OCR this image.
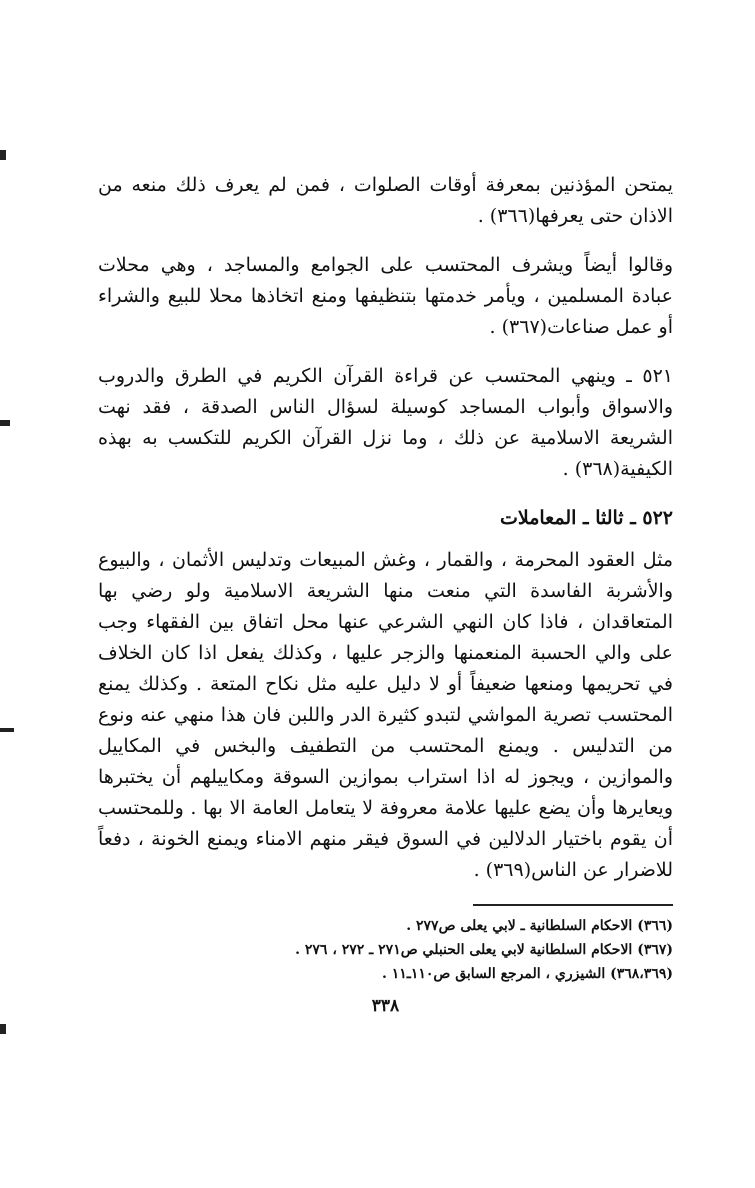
يمتحن المؤذنين بمعرفة أوقات الصلوات ، فمن لم يعرف ذلك منعه من الاذان حتى يعرفها(٣٦٦) .

وقالوا أيضاً ويشرف المحتسب على الجوامع والمساجد ، وهي محلات عبادة المسلمين ، ويأمر خدمتها بتنظيفها ومنع اتخاذها محلا للبيع والشراء أو عمل صناعات(٣٦٧) .

٥٢١ ـ وينهي المحتسب عن قراءة القرآن الكريم في الطرق والدروب والاسواق وأبواب المساجد كوسيلة لسؤال الناس الصدقة ، فقد نهت الشريعة الاسلامية عن ذلك ، وما نزل القرآن الكريم للتكسب به بهذه الكيفية(٣٦٨) .

٥٢٢ ـ ثالثا ـ المعاملات

مثل العقود المحرمة ، والقمار ، وغش المبيعات وتدليس الأثمان ، والبيوع والأشربة الفاسدة التي منعت منها الشريعة الاسلامية ولو رضي بها المتعاقدان ، فاذا كان النهي الشرعي عنها محل اتفاق بين الفقهاء وجب على والي الحسبة المنعمنها والزجر عليها ، وكذلك يفعل اذا كان الخلاف في تحريمها ومنعها ضعيفاً أو لا دليل عليه مثل نكاح المتعة . وكذلك يمنع المحتسب تصرية المواشي لتبدو كثيرة الدر واللبن فان هذا منهي عنه ونوع من التدليس . ويمنع المحتسب من التطفيف والبخس في المكاييل والموازين ، ويجوز له اذا استراب بموازين السوقة ومكاييلهم أن يختبرها ويعايرها وأن يضع عليها علامة معروفة لا يتعامل العامة الا بها . وللمحتسب أن يقوم باختيار الدلالين في السوق فيقر منهم الامناء ويمنع الخونة ، دفعاً للاضرار عن الناس(٣٦٩) .

(٣٦٦) الاحكام السلطانية ـ لابي يعلى ص٢٧٧ .

(٣٦٧) الاحكام السلطانية لابي يعلى الحنبلي ص٢٧١ ـ ٢٧٢ ، ٢٧٦ .

(٣٦٨،٣٦٩) الشيزري ، المرجع السابق ص١١٠ـ١١ .

٣٣٨
